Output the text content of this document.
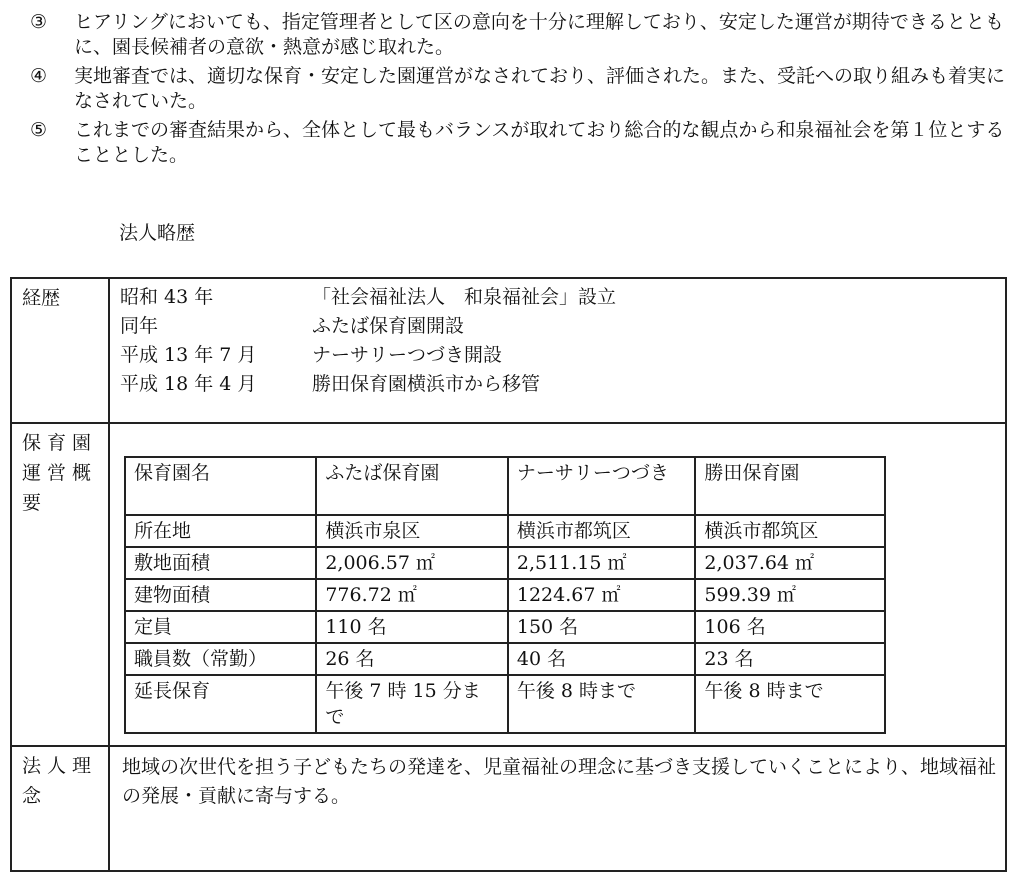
③	ヒアリングにおいても、指定管理者として区の意向を十分に理解しており、安定した運営が期待できるとともに、園長候補者の意欲・熱意が感じ取れた。
④	実地審査では、適切な保育・安定した園運営がなされており、評価された。また、受託への取り組みも着実になされていた。
⑤	これまでの審査結果から、全体として最もバランスが取れており総合的な観点から和泉福祉会を第１位とすることとした。
法人略歴
経歴	昭和 43 年	「社会福祉法人　和泉福祉会」設立
同年	ふたば保育園開設
平成 13 年 7 月	ナーサリーつづき開設
平成 18 年 4 月	勝田保育園横浜市から移管
保育園運営概要
保育園名	ふたば保育園	ナーサリーつづき	勝田保育園
所在地	横浜市泉区	横浜市都筑区	横浜市都筑区
敷地面積	2,006.57 ㎡	2,511.15 ㎡	2,037.64 ㎡
建物面積	776.72 ㎡	1224.67 ㎡	599.39 ㎡
定員	110 名	150 名	106 名
職員数（常勤）	26 名	40 名	23 名
延長保育	午後 7 時 15 分まで	午後 8 時まで	午後 8 時まで
法人理念
地域の次世代を担う子どもたちの発達を、児童福祉の理念に基づき支援していくことにより、地域福祉の発展・貢献に寄与する。
